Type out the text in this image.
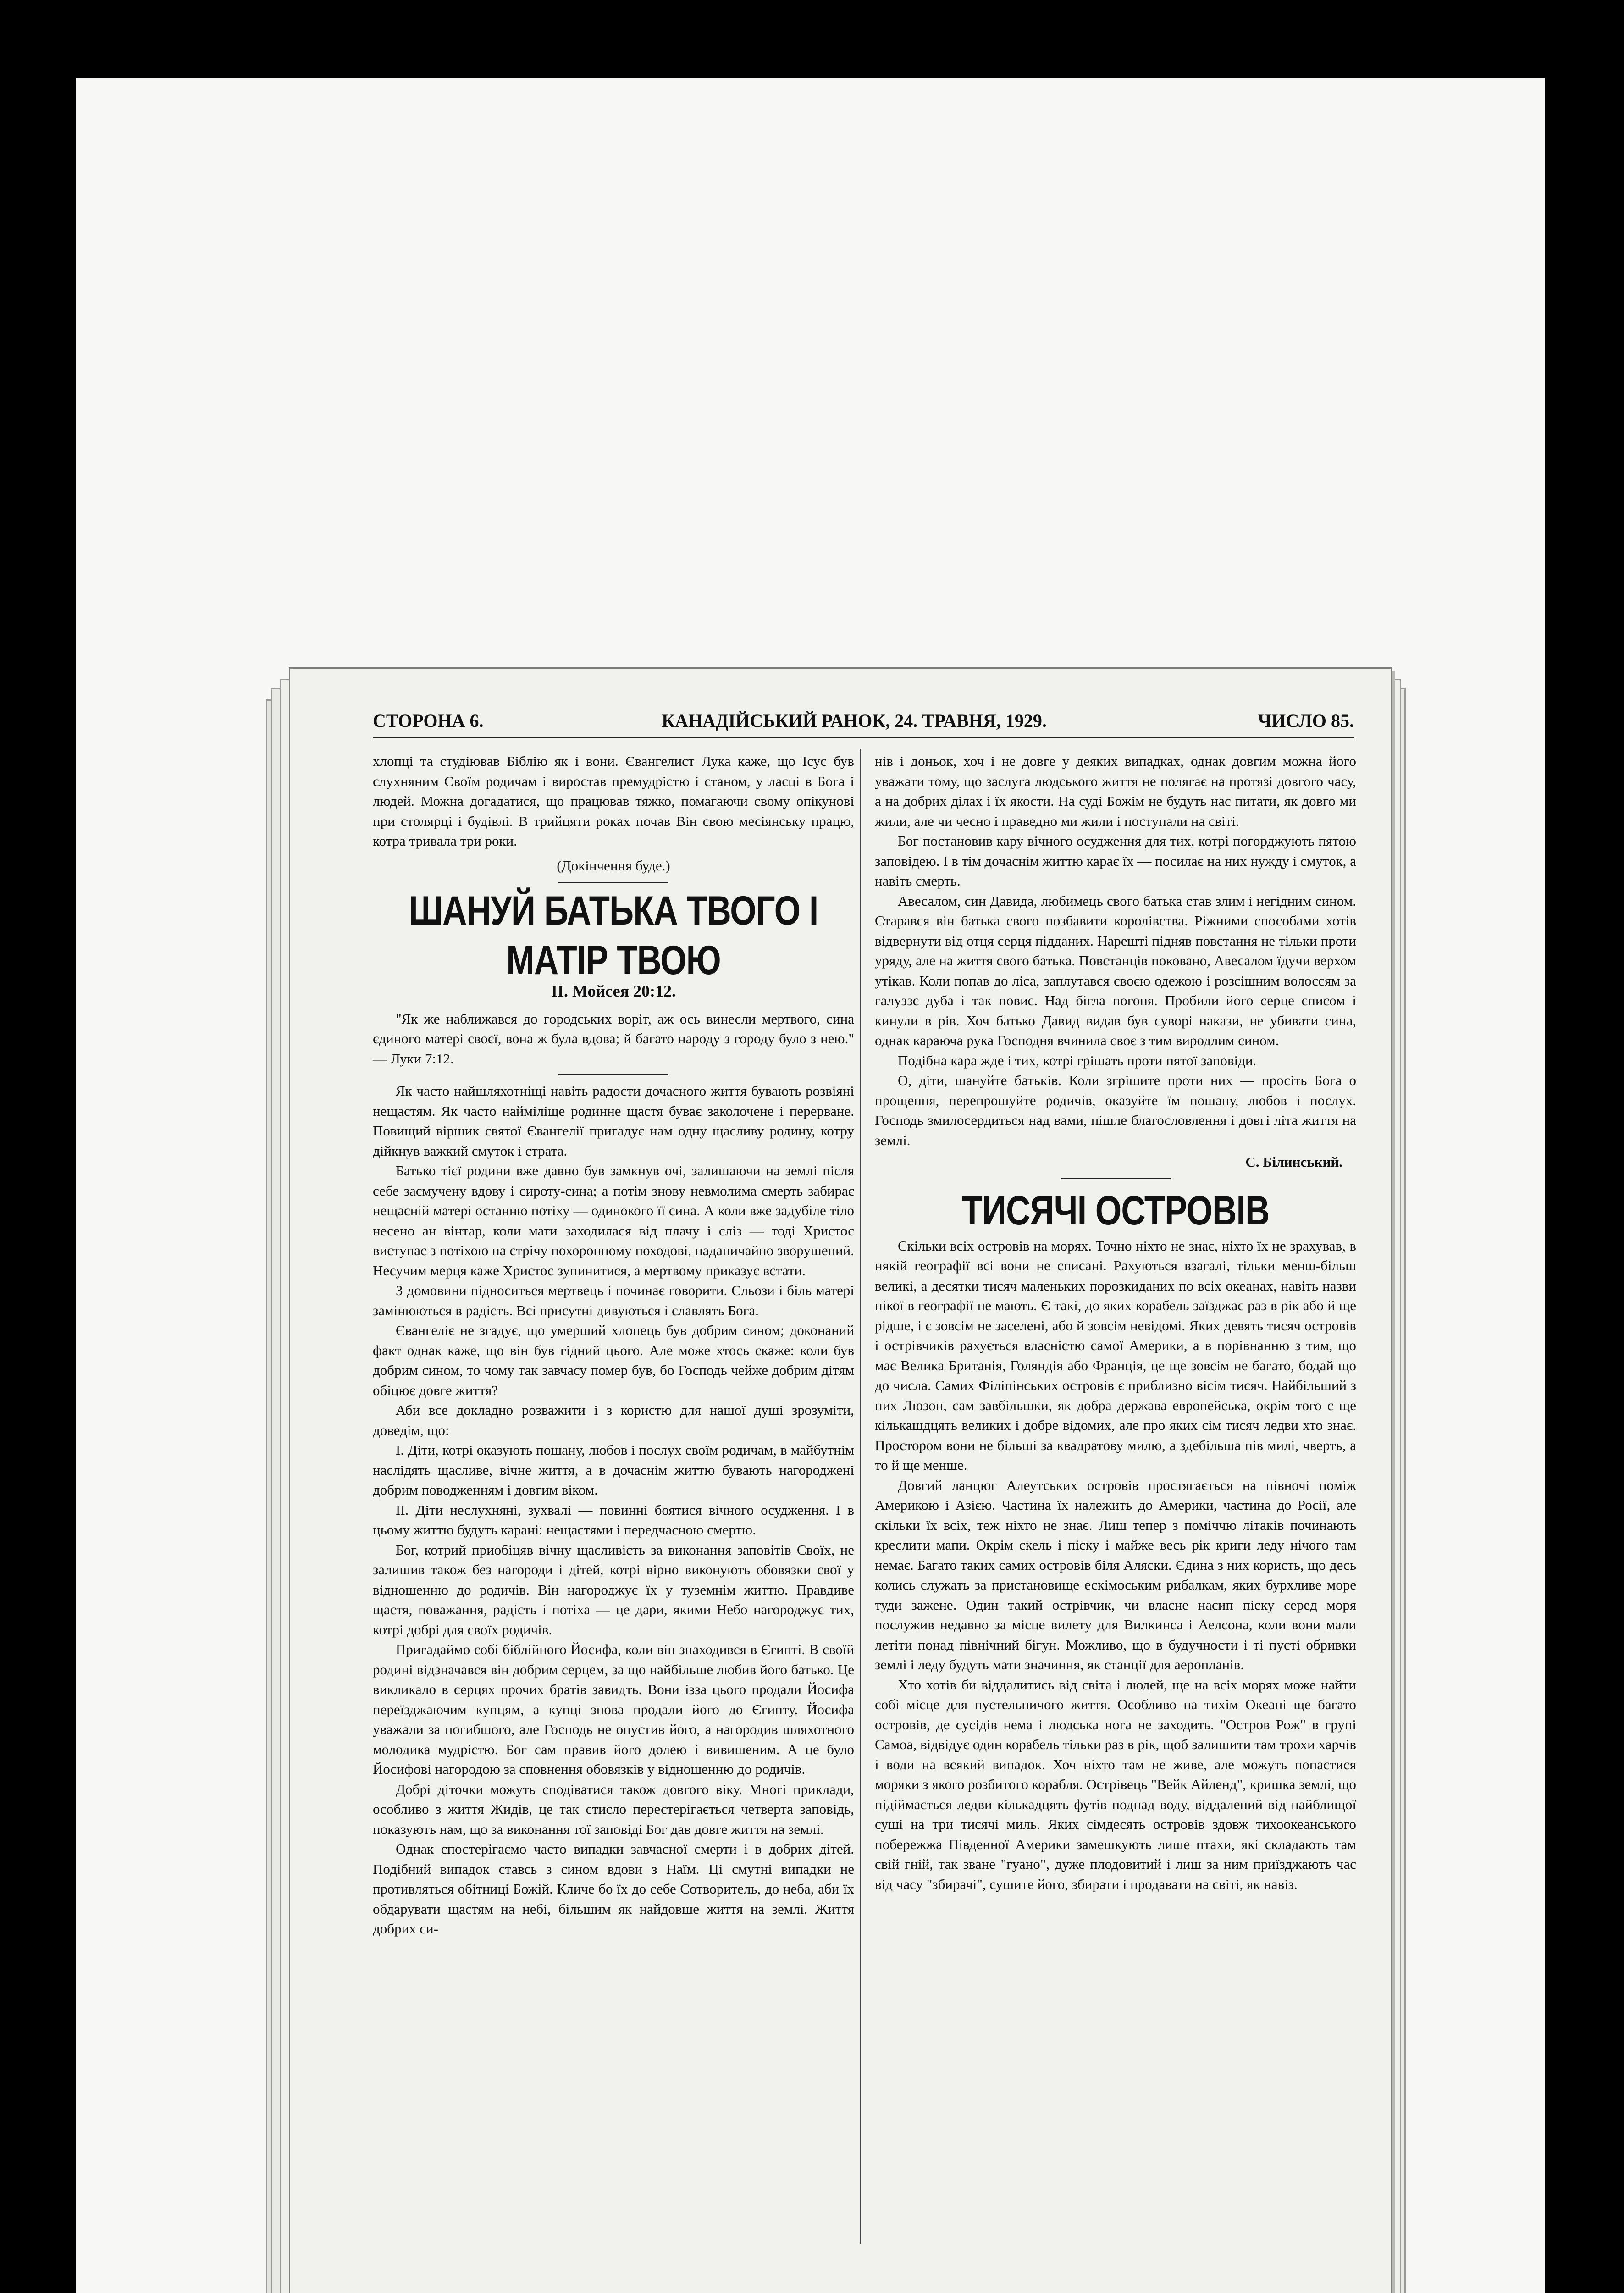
СТОРОНА 6.	КАНАДІЙСЬКИЙ РАНОК, 24. ТРАВНЯ, 1929.	ЧИСЛО 85.

хлопці та студіював Біблію як і вони. Євангелист Лука каже, що Ісус був слухняним Своїм родичам і виростав премудрістю і станом, у ласці в Бога і людей. Можна догадатися, що працював тяжко, помагаючи свому опікунові при столярці і будівлі. В трийцяти роках почав Він свою месіянську працю, котра тривала три роки.

(Докінчення буде.)
ШАНУЙ БАТЬКА ТВОГО І МАТІР ТВОЮ
II. Мойсея 20:12.

"Як же наближався до городських воріт, аж ось винесли мертвого, сина єдиного матері своєї, вона ж була вдова; й багато народу з городу було з нею." — Луки 7:12.

Як часто найшляхотніщі навіть радости дочасного життя бувають розвіяні нещастям. Як часто найміліще родинне щастя буває заколочене і перерване. Повищий віршик святої Євангелії пригадує нам одну щасливу родину, котру дійкнув важкий смуток і страта.

Батько тієї родини вже давно був замкнув очі, залишаючи на землі після себе засмучену вдову і сироту-сина; а потім знову невмолима смерть забирає нещасній матері останню потіху — одинокого її сина. А коли вже задубіле тіло несено ан вінтар, коли мати заходилася від плачу і сліз — тоді Христос виступає з потіхою на стрічу похоронному походові, наданичайно зворушений. Несучим мерця каже Христос зупинитися, а мертвому приказує встати.

З домовини підноситься мертвець і починає говорити. Сльози і біль матері замінюються в радість. Всі присутні дивуються і славлять Бога.

Євангеліє не згадує, що умерший хлопець був добрим сином; доконаний факт однак каже, що він був гідний цього. Але може хтось скаже: коли був добрим сином, то чому так завчасу помер був, бо Господь чейже добрим дітям обіцює довге життя?

Аби все докладно розважити і з користю для нашої душі зрозуміти, доведім, що:

I. Діти, котрі оказують пошану, любов і послух своїм родичам, в майбутнім наслідять щасливе, вічне життя, а в дочаснім життю бувають нагороджені добрим поводженням і довгим віком.

II. Діти неслухняні, зухвалі — повинні боятися вічного осудження. І в цьому життю будуть карані: нещастями і передчасною смертю.

Бог, котрий приобіцяв вічну щасливість за виконання заповітів Своїх, не залишив також без нагороди і дітей, котрі вірно виконують обовязки свої у відношенню до родичів. Він нагороджує їх у туземнім життю. Правдиве щастя, поважання, радість і потіха — це дари, якими Небо нагороджує тих, котрі добрі для своїх родичів.

Пригадаймо собі біблійного Йосифа, коли він знаходився в Єгипті. В своїй родині відзначався він добрим серцем, за що найбільше любив його батько. Це викликало в серцях прочих братів завидть. Вони ізза цього продали Йосифа переїзджаючим купцям, а купці знова продали його до Єгипту. Йосифа уважали за погибшого, але Господь не опустив його, а нагородив шляхотного молодика мудрістю. Бог сам правив його долею і вивишеним. А це було Йосифові нагородою за сповнення обовязків у відношенню до родичів.

Добрі діточки можуть сподіватися також довгого віку. Многі приклади, особливо з життя Жидів, це так стисло перестерігається четверта заповідь, показують нам, що за виконання тої заповіді Бог дав довге життя на землі.

Однак спостерігаємо часто випадки завчасної смерти і в добрих дітей. Подібний випадок ставсь з сином вдови з Наїм. Ці смутні випадки не противляться обітниці Божій. Кличе бо їх до себе Сотворитель, до неба, аби їх обдарувати щастям на небі, більшим як найдовше життя на землі. Життя добрих си-

нів і доньок, хоч і не довге у деяких випадках, однак довгим можна його уважати тому, що заслуга людського життя не полягає на протязі довгого часу, а на добрих ділах і їх якости. На суді Божім не будуть нас питати, як довго ми жили, але чи чесно і праведно ми жили і поступали на світі.

Бог постановив кару вічного осудження для тих, котрі погорджують пятою заповідею. І в тім дочаснім життю карає їх — посилає на них нужду і смуток, а навіть смерть.

Авесалом, син Давида, любимець свого батька став злим і негідним сином. Старався він батька свого позбавити королівства. Ріжними способами хотів відвернути від отця серця підданих. Нарешті підняв повстання не тільки проти уряду, але на життя свого батька. Повстанців поковано, Авесалом їдучи верхом утікав. Коли попав до ліса, заплутався своєю одежою і розсішним волоссям за галуззє дуба і так повис. Над біглa погоня. Пробили його серце списом і кинули в рів. Хоч батько Давид видав був суворі накази, не убивати сина, однак караюча рука Господня вчинила своє з тим виродлим сином.

Подібна кара жде і тих, котрі грішать проти пятої заповіди.

О, діти, шануйте батьків. Коли згрішите проти них — просіть Бога о прощення, перепрошуйте родичів, оказуйте їм пошану, любов і послух. Господь змилосердиться над вами, пішле благословлення і довгі літа життя на землі.

С. Білинський.
ТИСЯЧІ ОСТРОВІВ

Скільки всіх островів на морях. Точно ніхто не знає, ніхто їх не зрахував, в някій географії всі вони не списані. Рахуються взагалі, тільки менш-більш великі, а десятки тисяч маленьких порозкиданих по всіх океанах, навіть назви нікої в географії не мають. Є такі, до яких корабель заїзджає раз в рік або й ще рідше, і є зовсім не заселені, або й зовсім невідомі. Яких девять тисяч островів і острівчиків рахується власністю самої Америки, а в порівнанню з тим, що має Велика Британія, Голяндія або Франція, це ще зовсім не багато, бодай що до числа. Самих Філіпінських островів є приблизно вісім тисяч. Найбільший з них Люзон, сам завбільшки, як добра держава европейська, окрім того є ще кількашдцять великих і добре відомих, але про яких сім тисяч ледви хто знає. Простором вони не більші за квадратову милю, а здебільша пів милі, чверть, а то й ще менше.

Довгий ланцюг Алеутських островів простягається на півночі поміж Америкою і Азією. Частина їх належить до Америки, частина до Росії, але скільки їх всіх, теж ніхто не знає. Лиш тепер з поміччю літаків починають креслити мапи. Окрім скель і піску і майже весь рік криги леду нічого там немає. Багато таких самих островів біля Аляски. Єдина з них користь, що десь колись служать за пристановище ескімоським рибалкам, яких бурхливе море туди зажене. Один такий острівчик, чи власне насип піску серед моря послужив недавно за місце вилету для Вилкинса і Аелсона, коли вони мали летіти понад північний бігун. Можливо, що в будучности і ті пусті обривки землі і леду будуть мати значиння, як станції для аеропланів.

Хто хотів би віддалитись від світа і людей, ще на всіх морях може найти собі місце для пустельничого життя. Особливо на тихім Океані ще багато островів, де сусідів нема і людська нога не заходить. "Остров Рож" в групі Самоа, відвідує один корабель тільки раз в рік, щоб залишити там трохи харчів і води на всякий випадок. Хоч ніхто там не живе, але можуть попастися моряки з якого розбитого корабля. Острівець "Вейк Айленд", кришка землі, що підіймається ледви кількадцять футів поднад воду, віддалений від найблищої суші на три тисячі миль. Яких сімдесять островів здовж тихоокеанського побережжа Південної Америки замешкують лише птахи, які складають там свій гній, так зване "гуано", дуже плодовитий і лиш за ним приїзджають час від часу "збирачі", сушите його, збирати і продавати на світі, як навіз.
